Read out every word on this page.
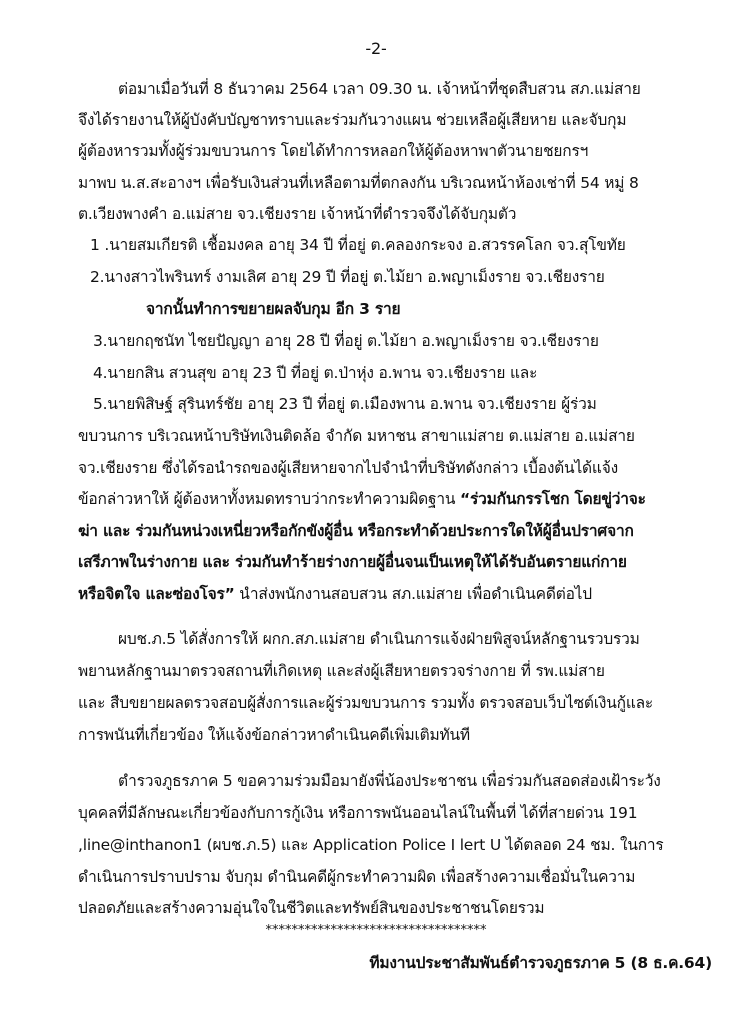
-2-
ต่อมาเมื่อวันที่ 8 ธันวาคม 2564 เวลา 09.30 น. เจ้าหน้าที่ชุดสืบสวน สภ.แม่สาย
จึงได้รายงานให้ผู้บังคับบัญชาทราบและร่วมกันวางแผน ช่วยเหลือผู้เสียหาย และจับกุม
ผู้ต้องหารวมทั้งผู้ร่วมขบวนการ โดยได้ทำการหลอกให้ผู้ต้องหาพาตัวนายชยกรฯ
มาพบ น.ส.สะอางฯ เพื่อรับเงินส่วนที่เหลือตามที่ตกลงกัน บริเวณหน้าห้องเช่าที่ 54 หมู่ 8
ต.เวียงพางคำ อ.แม่สาย จว.เชียงราย เจ้าหน้าที่ตำรวจจึงได้จับกุมตัว
1 .นายสมเกียรติ เชื้อมงคล อายุ 34 ปี ที่อยู่ ต.คลองกระจง อ.สวรรคโลก จว.สุโขทัย
2.นางสาวไพรินทร์ งามเลิศ อายุ 29 ปี ที่อยู่ ต.ไม้ยา อ.พญาเม็งราย จว.เชียงราย
จากนั้นทำการขยายผลจับกุม อีก 3 ราย
3.นายกฤชนัท ไชยปัญญา อายุ 28 ปี ที่อยู่ ต.ไม้ยา อ.พญาเม็งราย จว.เชียงราย
4.นายกสิน สวนสุข อายุ 23 ปี ที่อยู่ ต.ป่าหุ่ง อ.พาน จว.เชียงราย และ
5.นายพิสิษฐ์ สุรินทร์ชัย อายุ 23 ปี ที่อยู่ ต.เมืองพาน อ.พาน จว.เชียงราย ผู้ร่วม
ขบวนการ บริเวณหน้าบริษัทเงินติดล้อ จำกัด มหาชน สาขาแม่สาย ต.แม่สาย อ.แม่สาย
จว.เชียงราย ซึ่งได้รอนำรถของผู้เสียหายจากไปจำนำที่บริษัทดังกล่าว เบื้องต้นได้แจ้ง
ข้อกล่าวหาให้ ผู้ต้องหาทั้งหมดทราบว่ากระทำความผิดฐาน “ร่วมกันกรรโชก โดยขู่ว่าจะ
ฆ่า และ ร่วมกันหน่วงเหนี่ยวหรือกักขังผู้อื่น หรือกระทำด้วยประการใดให้ผู้อื่นปราศจาก
เสรีภาพในร่างกาย และ ร่วมกันทำร้ายร่างกายผู้อื่นจนเป็นเหตุให้ได้รับอันตรายแก่กาย
หรือจิตใจ และซ่องโจร” นำส่งพนักงานสอบสวน สภ.แม่สาย เพื่อดำเนินคดีต่อไป
ผบช.ภ.5 ได้สั่งการให้ ผกก.สภ.แม่สาย ดำเนินการแจ้งฝ่ายพิสูจน์หลักฐานรวบรวม
พยานหลักฐานมาตรวจสถานที่เกิดเหตุ และส่งผู้เสียหายตรวจร่างกาย ที่ รพ.แม่สาย
และ สืบขยายผลตรวจสอบผู้สั่งการและผู้ร่วมขบวนการ รวมทั้ง ตรวจสอบเว็บไซต์เงินกู้และ
การพนันที่เกี่ยวข้อง ให้แจ้งข้อกล่าวหาดำเนินคดีเพิ่มเติมทันที
ตำรวจภูธรภาค 5 ขอความร่วมมือมายังพี่น้องประชาชน เพื่อร่วมกันสอดส่องเฝ้าระวัง
บุคคลที่มีลักษณะเกี่ยวข้องกับการกู้เงิน หรือการพนันออนไลน์ในพื้นที่ ได้ที่สายด่วน 191
,line@inthanon1 (ผบช.ภ.5) และ Application Police I lert U ได้ตลอด 24 ชม. ในการ
ดำเนินการปราบปราม จับกุม ดำนินคดีผู้กระทำความผิด เพื่อสร้างความเชื่อมั่นในความ
ปลอดภัยและสร้างความอุ่นใจในชีวิตและทรัพย์สินของประชาชนโดยรวม
**********************************
ทีมงานประชาสัมพันธ์ตำรวจภูธรภาค 5 (8 ธ.ค.64)
